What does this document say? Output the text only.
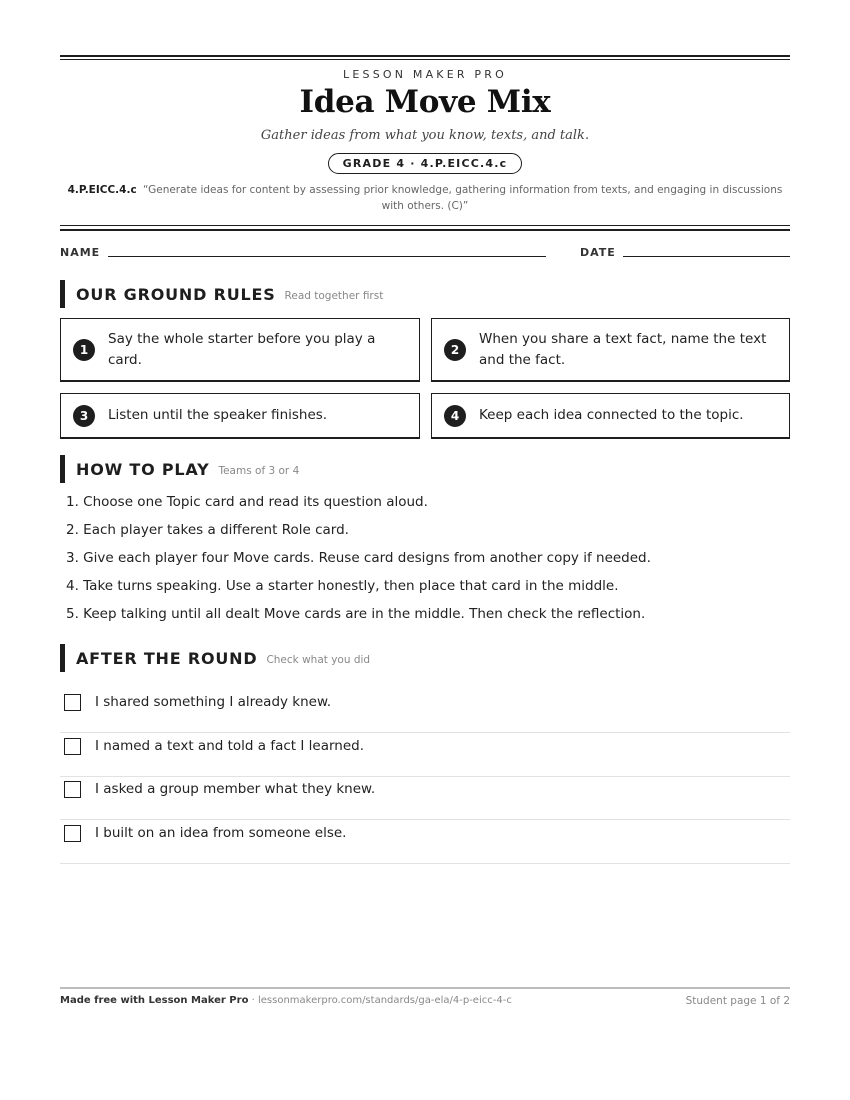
LESSON MAKER PRO
Idea Move Mix
Gather ideas from what you know, texts, and talk.
GRADE 4 · 4.P.EICC.4.c
4.P.EICC.4.c “Generate ideas for content by assessing prior knowledge, gathering information from texts, and engaging in discussions with others. (C)”
NAME	DATE
OUR GROUND RULES Read together first
1
Say the whole starter before you play a card.
2
When you share a text fact, name the text and the fact.
3	Listen until the speaker finishes.	4	Keep each idea connected to the topic.
HOW TO PLAY Teams of 3 or 4
1. Choose one Topic card and read its question aloud.
2. Each player takes a different Role card.
3. Give each player four Move cards. Reuse card designs from another copy if needed.
4. Take turns speaking. Use a starter honestly, then place that card in the middle.
5. Keep talking until all dealt Move cards are in the middle. Then check the reflection.
AFTER THE ROUND Check what you did
I shared something I already knew.
I named a text and told a fact I learned.
I asked a group member what they knew.
I built on an idea from someone else.
Made free with Lesson Maker Pro · lessonmakerpro.com/standards/ga-ela/4-p-eicc-4-c	Student page 1 of 2
